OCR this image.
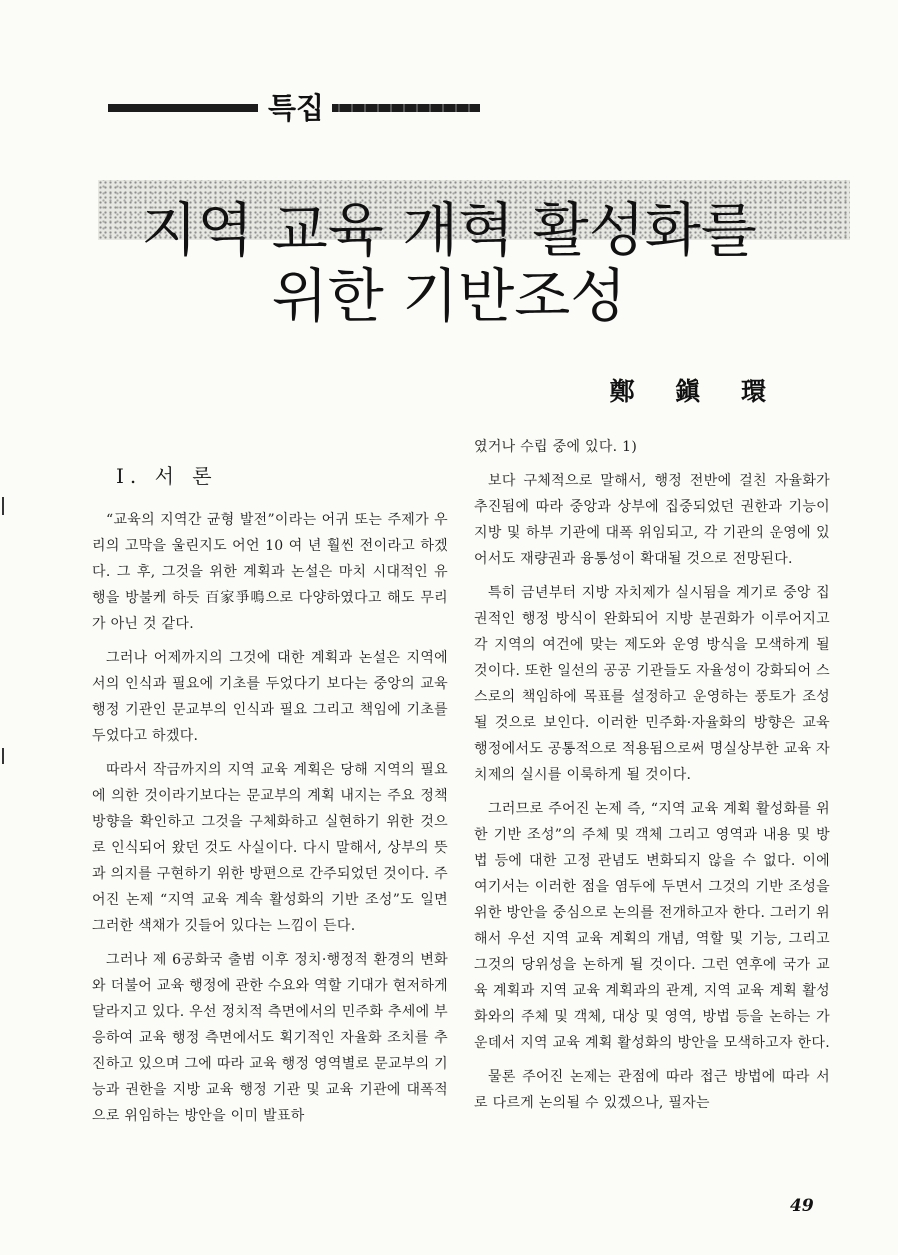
특집
지역 교육 개혁 활성화를
위한 기반조성
鄭 鎭 環
Ⅰ. 서 론

“교육의 지역간 균형 발전”이라는 어귀 또는 주제가 우리의 고막을 울린지도 어언 10 여 년 훨씬 전이라고 하겠다. 그 후, 그것을 위한 계획과 논설은 마치 시대적인 유행을 방불케 하듯 百家爭鳴으로 다양하였다고 해도 무리가 아닌 것 같다.

그러나 어제까지의 그것에 대한 계획과 논설은 지역에서의 인식과 필요에 기초를 두었다기 보다는 중앙의 교육 행정 기관인 문교부의 인식과 필요 그리고 책임에 기초를 두었다고 하겠다.

따라서 작금까지의 지역 교육 계획은 당해 지역의 필요에 의한 것이라기보다는 문교부의 계획 내지는 주요 정책 방향을 확인하고 그것을 구체화하고 실현하기 위한 것으로 인식되어 왔던 것도 사실이다. 다시 말해서, 상부의 뜻과 의지를 구현하기 위한 방편으로 간주되었던 것이다. 주어진 논제 “지역 교육 계속 활성화의 기반 조성”도 일면 그러한 색채가 깃들어 있다는 느낌이 든다.

그러나 제 6공화국 출범 이후 정치·행정적 환경의 변화와 더불어 교육 행정에 관한 수요와 역할 기대가 현저하게 달라지고 있다. 우선 정치적 측면에서의 민주화 추세에 부응하여 교육 행정 측면에서도 획기적인 자율화 조치를 추진하고 있으며 그에 따라 교육 행정 영역별로 문교부의 기능과 권한을 지방 교육 행정 기관 및 교육 기관에 대폭적으로 위임하는 방안을 이미 발표하

였거나 수립 중에 있다. 1)

보다 구체적으로 말해서, 행정 전반에 걸친 자율화가 추진됨에 따라 중앙과 상부에 집중되었던 권한과 기능이 지방 및 하부 기관에 대폭 위임되고, 각 기관의 운영에 있어서도 재량권과 융통성이 확대될 것으로 전망된다.

특히 금년부터 지방 자치제가 실시됨을 계기로 중앙 집권적인 행정 방식이 완화되어 지방 분권화가 이루어지고 각 지역의 여건에 맞는 제도와 운영 방식을 모색하게 될 것이다. 또한 일선의 공공 기관들도 자율성이 강화되어 스스로의 책임하에 목표를 설정하고 운영하는 풍토가 조성될 것으로 보인다. 이러한 민주화·자율화의 방향은 교육 행정에서도 공통적으로 적용됨으로써 명실상부한 교육 자치제의 실시를 이룩하게 될 것이다.

그러므로 주어진 논제 즉, “지역 교육 계획 활성화를 위한 기반 조성”의 주체 및 객체 그리고 영역과 내용 및 방법 등에 대한 고정 관념도 변화되지 않을 수 없다. 이에 여기서는 이러한 점을 염두에 두면서 그것의 기반 조성을 위한 방안을 중심으로 논의를 전개하고자 한다. 그러기 위해서 우선 지역 교육 계획의 개념, 역할 및 기능, 그리고 그것의 당위성을 논하게 될 것이다. 그런 연후에 국가 교육 계획과 지역 교육 계획과의 관계, 지역 교육 계획 활성화와의 주체 및 객체, 대상 및 영역, 방법 등을 논하는 가운데서 지역 교육 계획 활성화의 방안을 모색하고자 한다.

물론 주어진 논제는 관점에 따라 접근 방법에 따라 서로 다르게 논의될 수 있겠으나, 필자는

49
